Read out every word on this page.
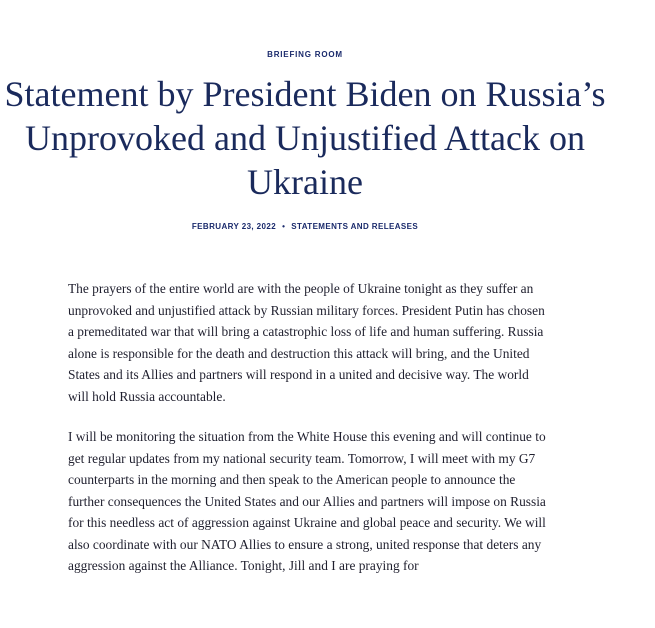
BRIEFING ROOM
Statement by President Biden on Russia’s Unprovoked and Unjustified Attack on Ukraine
FEBRUARY 23, 2022 • STATEMENTS AND RELEASES

The prayers of the entire world are with the people of Ukraine tonight as they suffer an unprovoked and unjustified attack by Russian military forces. President Putin has chosen a premeditated war that will bring a catastrophic loss of life and human suffering. Russia alone is responsible for the death and destruction this attack will bring, and the United States and its Allies and partners will respond in a united and decisive way. The world will hold Russia accountable.

I will be monitoring the situation from the White House this evening and will continue to get regular updates from my national security team. Tomorrow, I will meet with my G7 counterparts in the morning and then speak to the American people to announce the further consequences the United States and our Allies and partners will impose on Russia for this needless act of aggression against Ukraine and global peace and security. We will also coordinate with our NATO Allies to ensure a strong, united response that deters any aggression against the Alliance. Tonight, Jill and I are praying for
